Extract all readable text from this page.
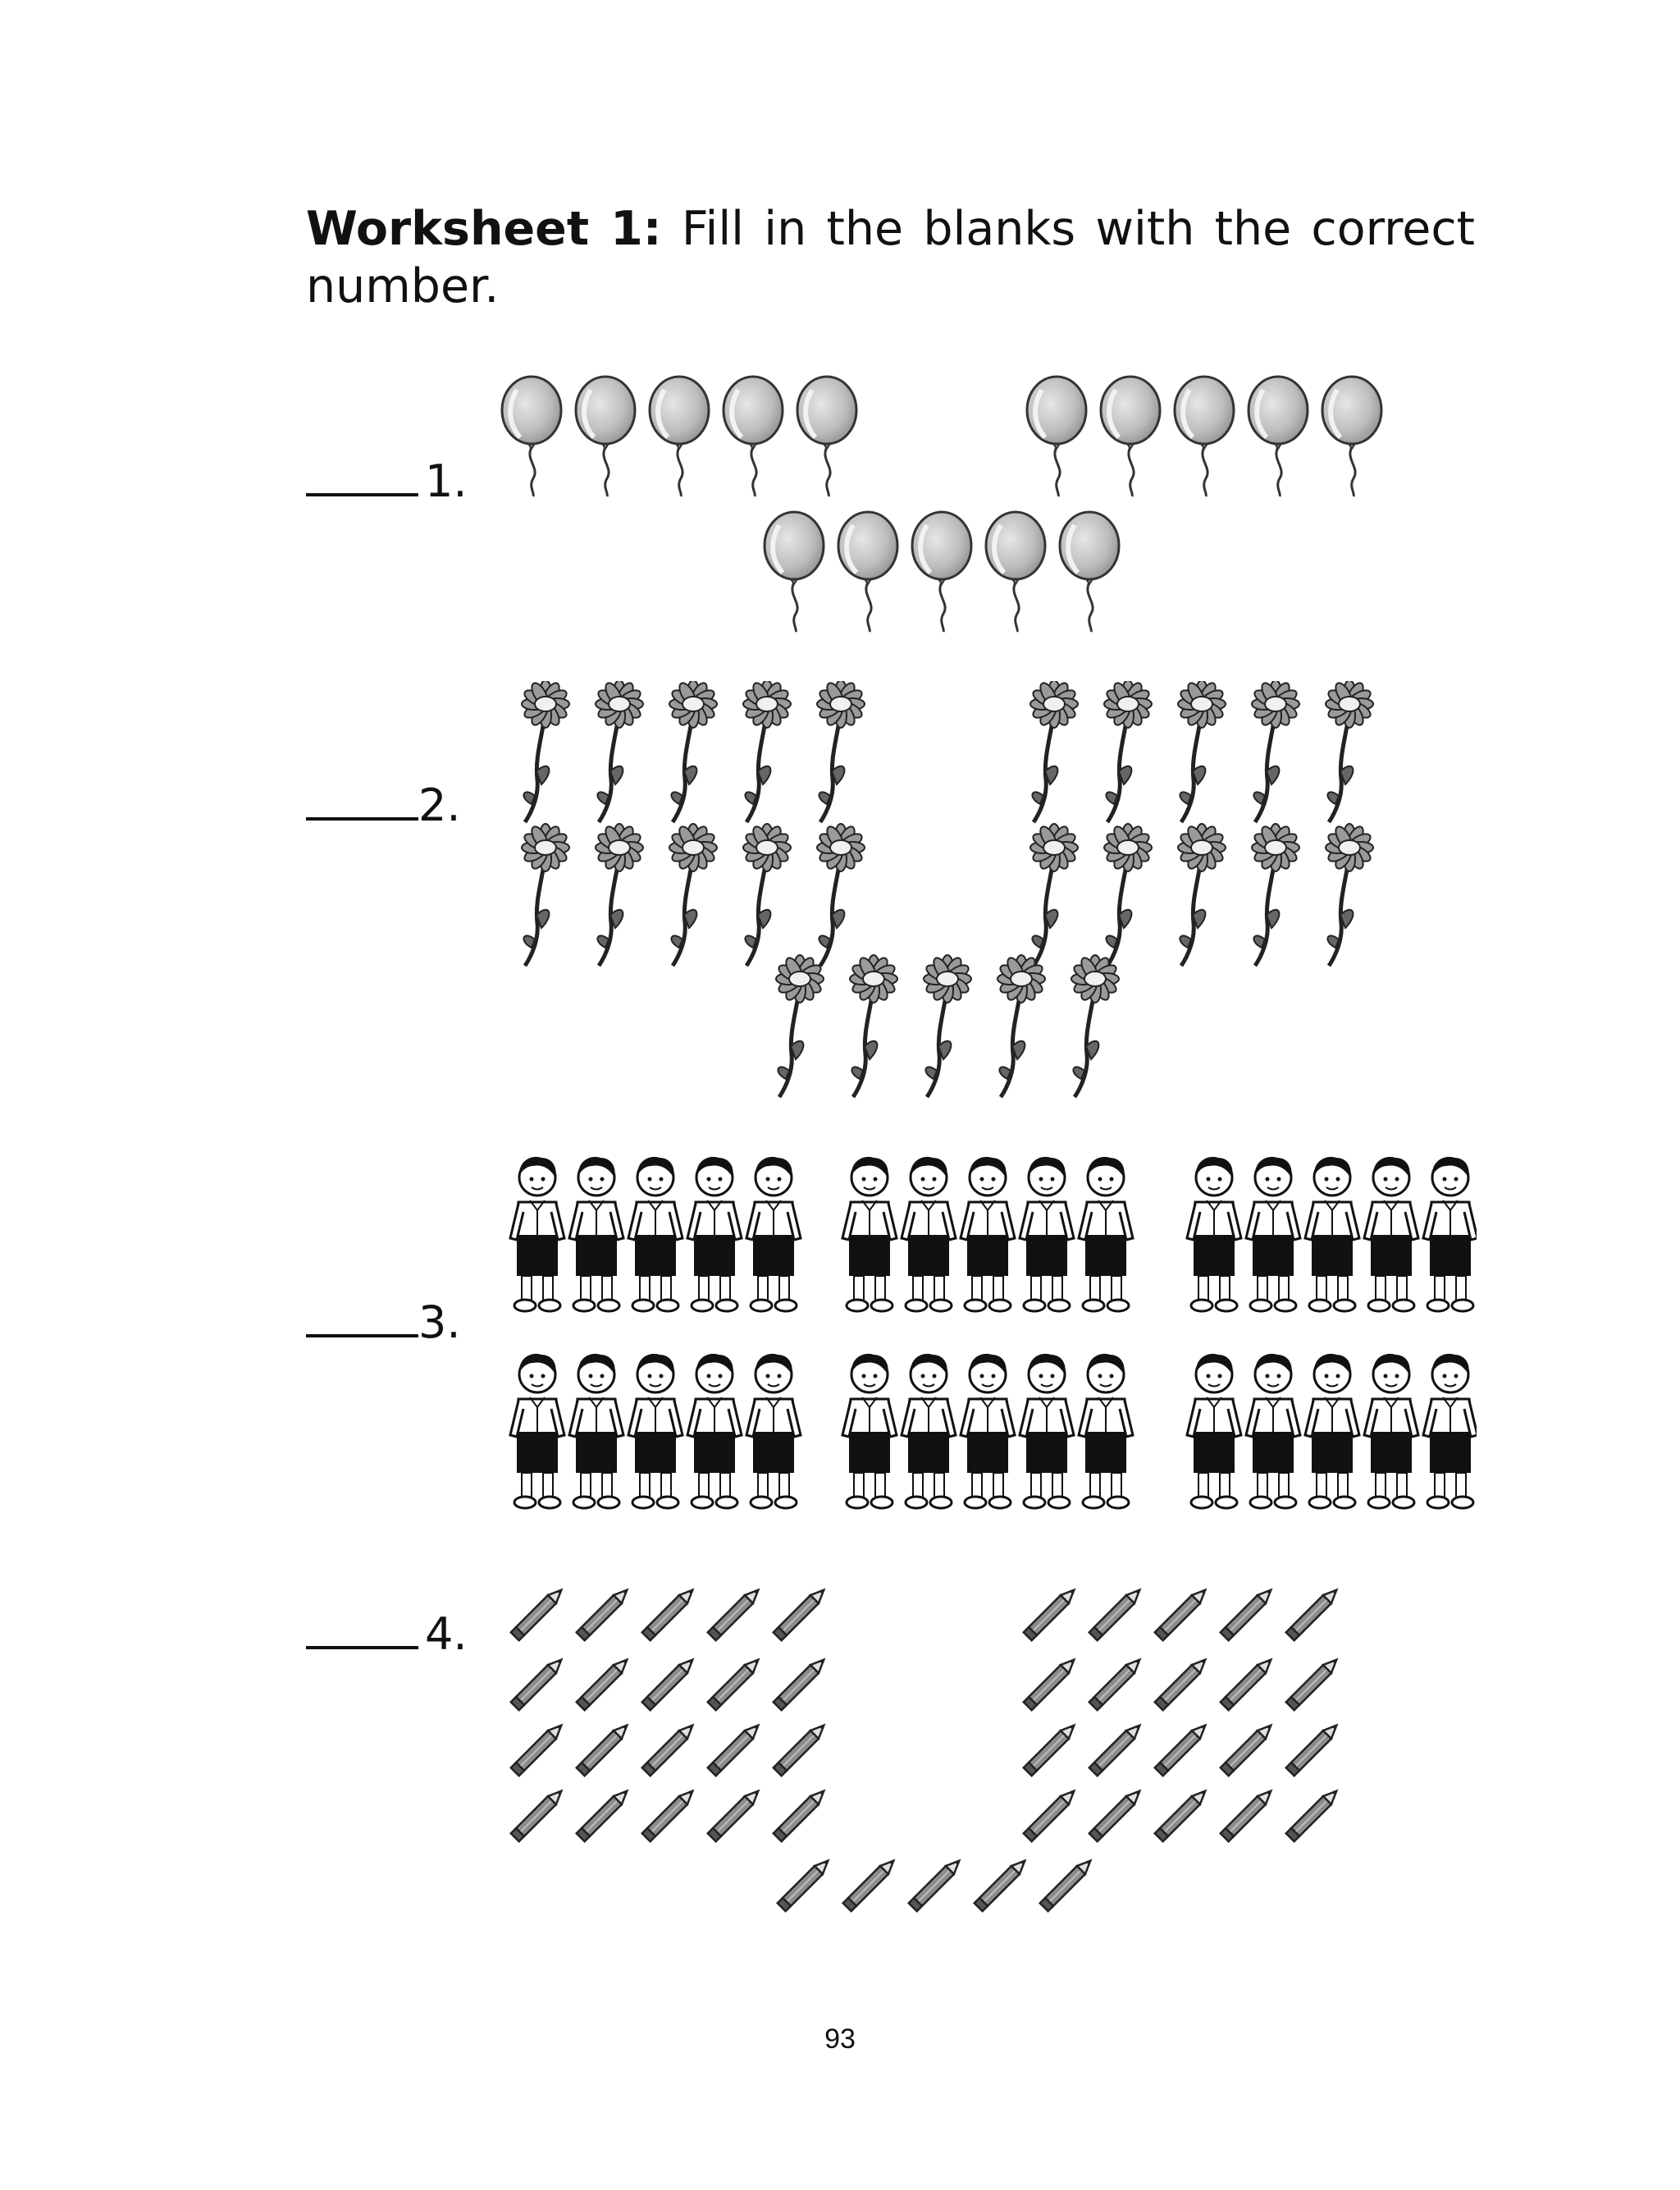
Worksheet 1: Fill in the blanks with the correct number.

1.
2.
3.
4.
93
